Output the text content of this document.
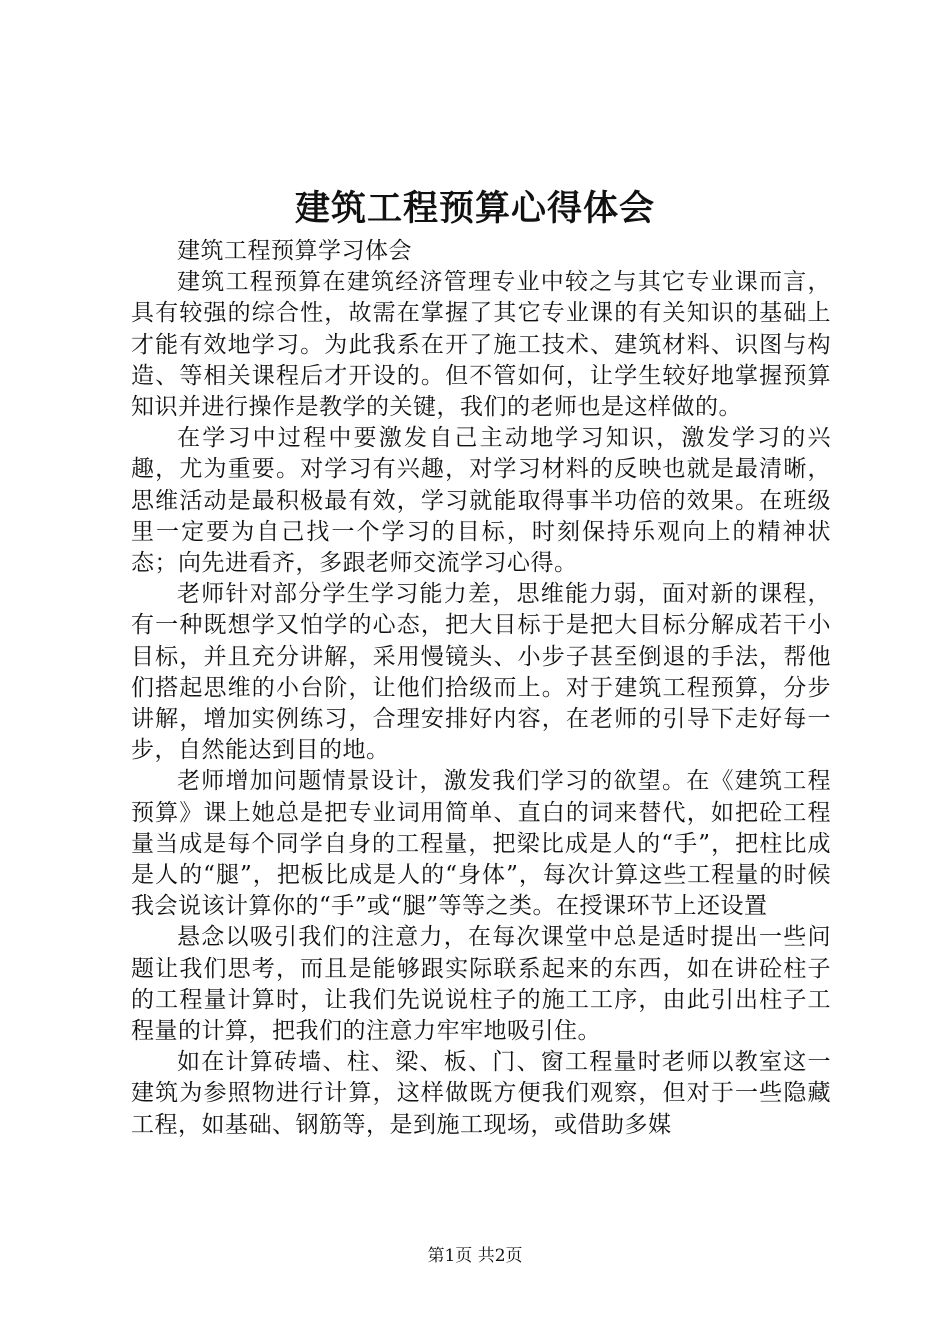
建筑工程预算心得体会

建筑工程预算学习体会

建筑工程预算在建筑经济管理专业中较之与其它专业课而言，具有较强的综合性，故需在掌握了其它专业课的有关知识的基础上才能有效地学习。为此我系在开了施工技术、建筑材料、识图与构造、等相关课程后才开设的。但不管如何，让学生较好地掌握预算知识并进行操作是教学的关键，我们的老师也是这样做的。

在学习中过程中要激发自己主动地学习知识，激发学习的兴趣，尤为重要。对学习有兴趣，对学习材料的反映也就是最清晰，思维活动是最积极最有效，学习就能取得事半功倍的效果。在班级里一定要为自己找一个学习的目标，时刻保持乐观向上的精神状态；向先进看齐，多跟老师交流学习心得。

老师针对部分学生学习能力差，思维能力弱，面对新的课程，有一种既想学又怕学的心态，把大目标于是把大目标分解成若干小目标，并且充分讲解，采用慢镜头、小步子甚至倒退的手法，帮他们搭起思维的小台阶，让他们拾级而上。对于建筑工程预算，分步讲解，增加实例练习，合理安排好内容，在老师的引导下走好每一步，自然能达到目的地。

老师增加问题情景设计，激发我们学习的欲望。在《建筑工程预算》课上她总是把专业词用简单、直白的词来替代，如把砼工程量当成是每个同学自身的工程量，把梁比成是人的“手”，把柱比成是人的“腿”，把板比成是人的“身体”，每次计算这些工程量的时候我会说该计算你的“手”或“腿”等等之类。在授课环节上还设置

悬念以吸引我们的注意力，在每次课堂中总是适时提出一些问题让我们思考，而且是能够跟实际联系起来的东西，如在讲砼柱子的工程量计算时，让我们先说说柱子的施工工序，由此引出柱子工程量的计算，把我们的注意力牢牢地吸引住。

如在计算砖墙、柱、梁、板、门、窗工程量时老师以教室这一建筑为参照物进行计算，这样做既方便我们观察，但对于一些隐藏工程，如基础、钢筋等，是到施工现场，或借助多媒

第1页 共2页
